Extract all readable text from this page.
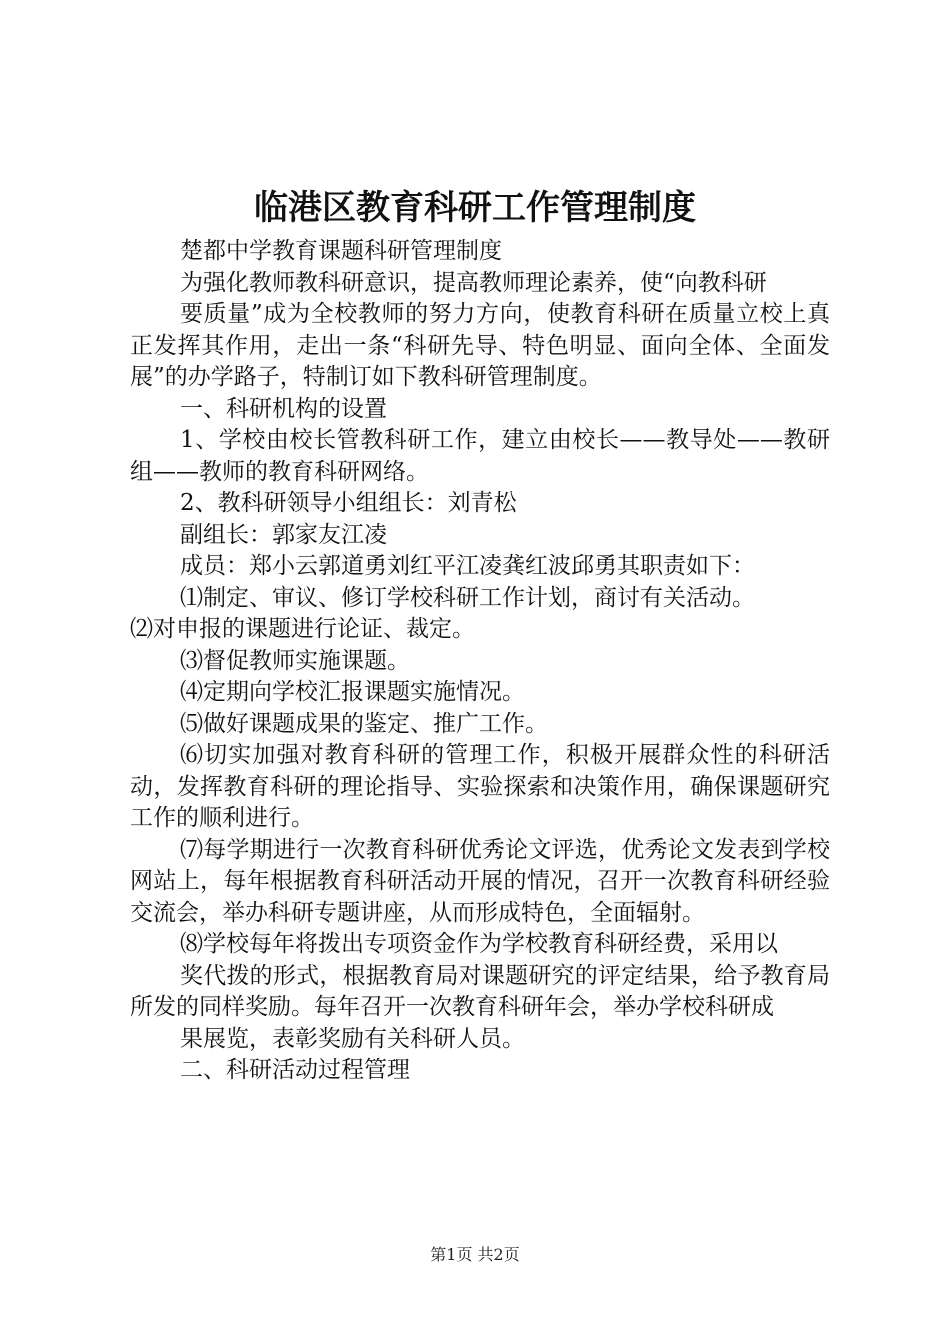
临港区教育科研工作管理制度

楚都中学教育课题科研管理制度

为强化教师教科研意识，提高教师理论素养，使“向教科研

要质量”成为全校教师的努力方向，使教育科研在质量立校上真正发挥其作用，走出一条“科研先导、特色明显、面向全体、全面发展”的办学路子，特制订如下教科研管理制度。

一、科研机构的设置

1、学校由校长管教科研工作，建立由校长——教导处——教研组——教师的教育科研网络。

2、教科研领导小组组长：刘青松

副组长：郭家友江凌

成员：郑小云郭道勇刘红平江凌龚红波邱勇其职责如下：

⑴制定、审议、修订学校科研工作计划，商讨有关活动。

⑵对申报的课题进行论证、裁定。

⑶督促教师实施课题。

⑷定期向学校汇报课题实施情况。

⑸做好课题成果的鉴定、推广工作。

⑹切实加强对教育科研的管理工作，积极开展群众性的科研活动，发挥教育科研的理论指导、实验探索和决策作用，确保课题研究工作的顺利进行。

⑺每学期进行一次教育科研优秀论文评选，优秀论文发表到学校网站上，每年根据教育科研活动开展的情况，召开一次教育科研经验交流会，举办科研专题讲座，从而形成特色，全面辐射。

⑻学校每年将拨出专项资金作为学校教育科研经费，采用以

奖代拨的形式，根据教育局对课题研究的评定结果，给予教育局所发的同样奖励。每年召开一次教育科研年会，举办学校科研成

果展览，表彰奖励有关科研人员。

二、科研活动过程管理

第1页 共2页
